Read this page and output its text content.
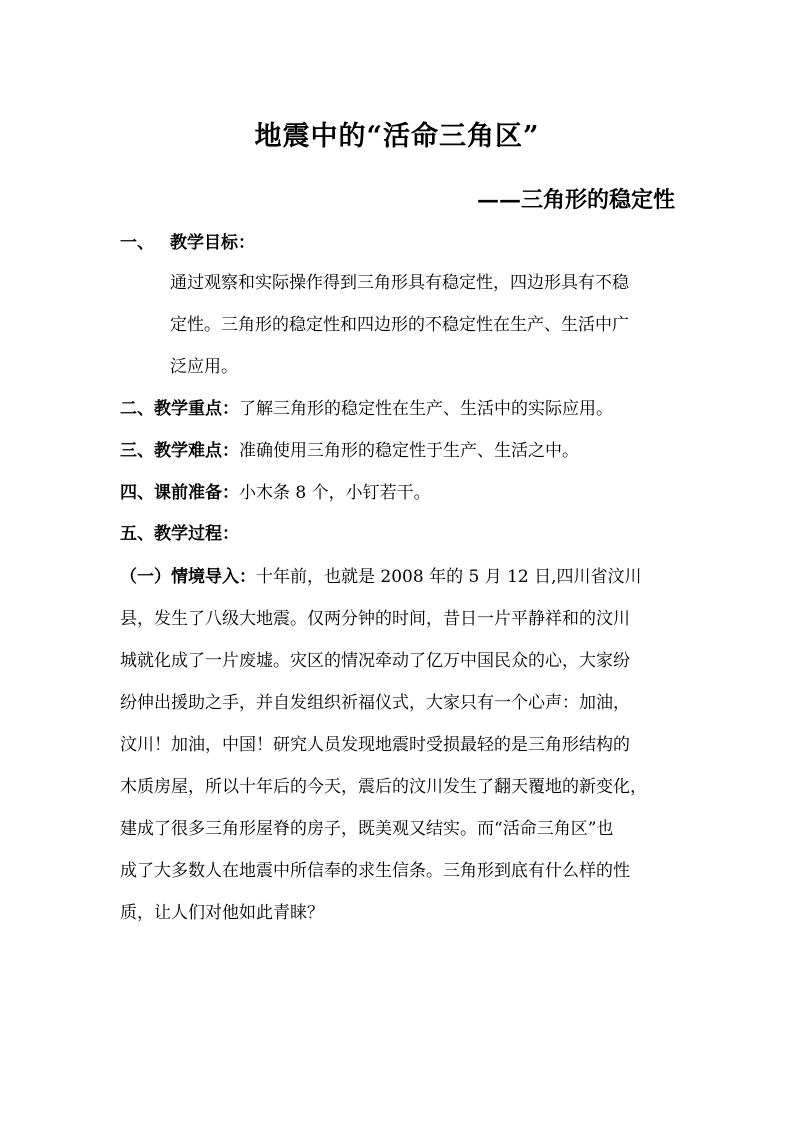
地震中的“活命三角区”
——三角形的稳定性
一、 教学目标：
通过观察和实际操作得到三角形具有稳定性，四边形具有不稳
定性。三角形的稳定性和四边形的不稳定性在生产、生活中广
泛应用。
二、教学重点：了解三角形的稳定性在生产、生活中的实际应用。
三、教学难点：准确使用三角形的稳定性于生产、生活之中。
四、课前准备：小木条 8 个，小钉若干。
五、教学过程：
（一）情境导入：十年前，也就是 2008 年的 5 月 12 日,四川省汶川
县，发生了八级大地震。仅两分钟的时间，昔日一片平静祥和的汶川
城就化成了一片废墟。灾区的情况牵动了亿万中国民众的心，大家纷
纷伸出援助之手，并自发组织祈福仪式，大家只有一个心声：加油，
汶川！加油，中国！研究人员发现地震时受损最轻的是三角形结构的
木质房屋，所以十年后的今天，震后的汶川发生了翻天覆地的新变化，
建成了很多三角形屋脊的房子，既美观又结实。而“活命三角区”也
成了大多数人在地震中所信奉的求生信条。三角形到底有什么样的性
质，让人们对他如此青睐？
